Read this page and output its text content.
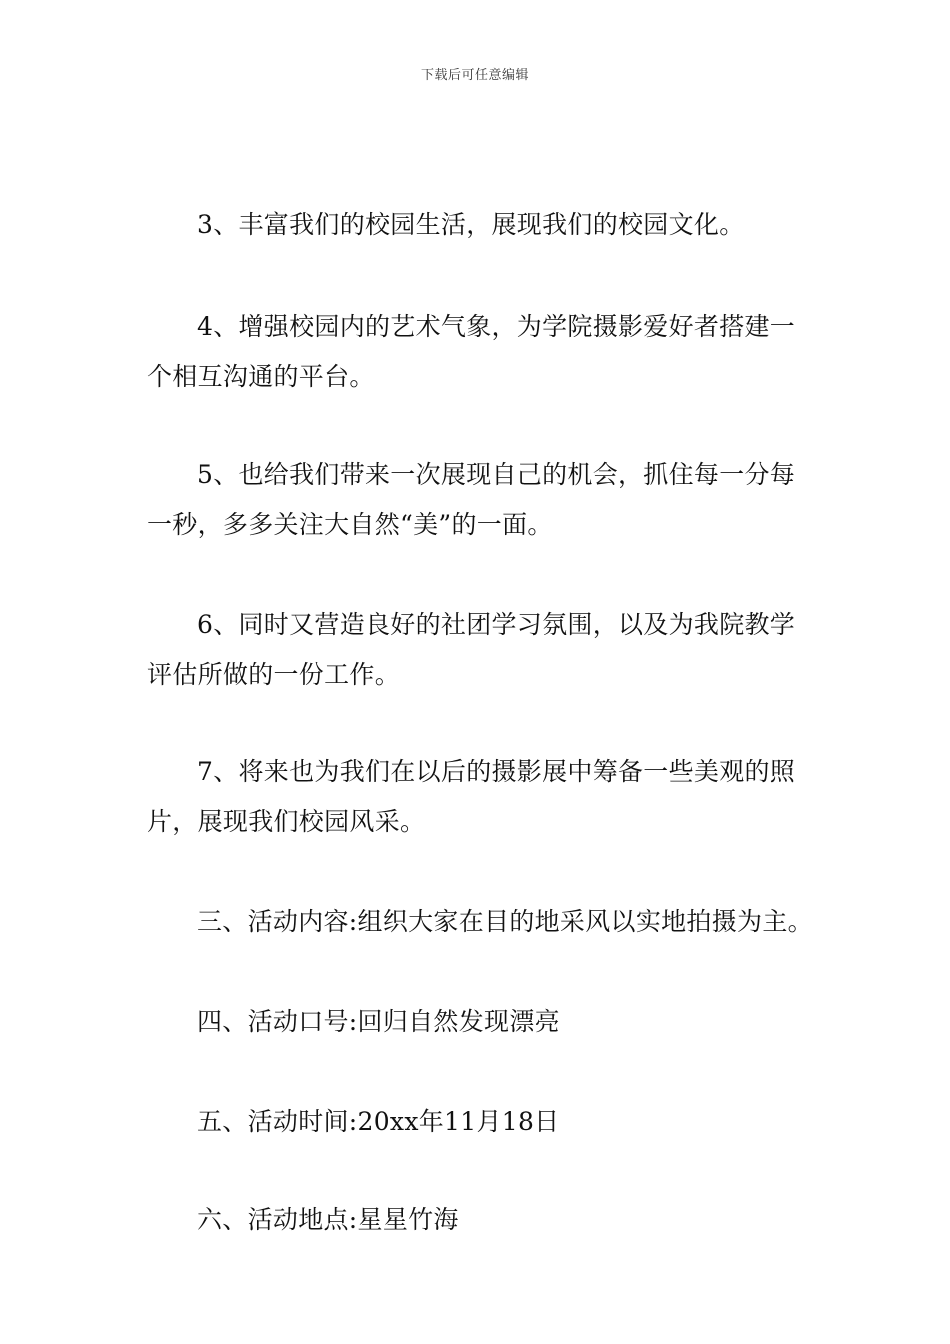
下载后可任意编辑

3、丰富我们的校园生活，展现我们的校园文化。

4、增强校园内的艺术气象，为学院摄影爱好者搭建一个相互沟通的平台。

5、也给我们带来一次展现自己的机会，抓住每一分每一秒，多多关注大自然“美”的一面。

6、同时又营造良好的社团学习氛围，以及为我院教学评估所做的一份工作。

7、将来也为我们在以后的摄影展中筹备一些美观的照片，展现我们校园风采。

三、活动内容:组织大家在目的地采风以实地拍摄为主。

四、活动口号:回归自然发现漂亮

五、活动时间:20xx年11月18日

六、活动地点:星星竹海
